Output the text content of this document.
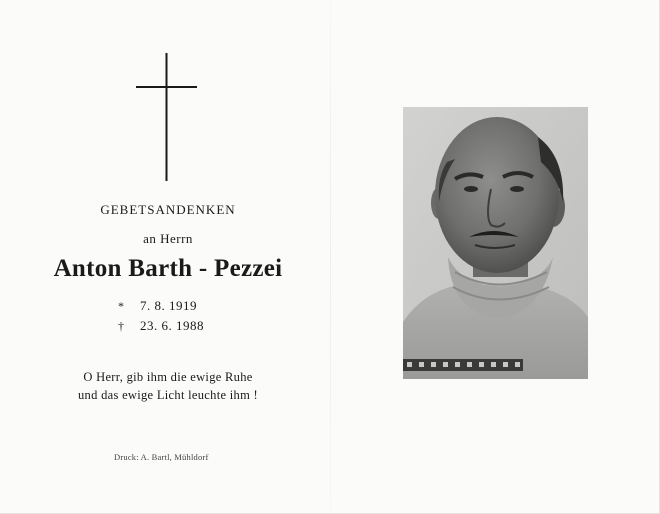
GEBETSANDENKEN
an Herrn
Anton Barth - Pezzei
*	7. 8. 1919
†	23. 6. 1988
O Herr, gib ihm die ewige Ruhe
und das ewige Licht leuchte ihm !
Druck: A. Bartl, Mühldorf
